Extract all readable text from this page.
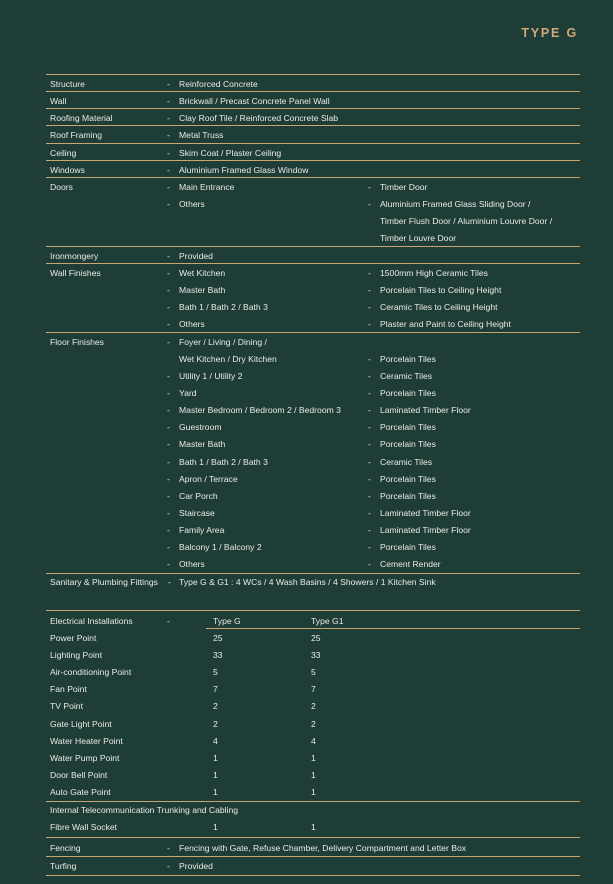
TYPE G
Structure	- Reinforced Concrete
Wall	- Brickwall / Precast Concrete Panel Wall
Roofing Material	- Clay Roof Tile / Reinforced Concrete Slab
Roof Framing	- Metal Truss
Ceiling	- Skim Coat / Plaster Ceiling
Windows	- Aluminium Framed Glass Window
Doors	- Main Entrance	- Timber Door
- Others	- Aluminium Framed Glass Sliding Door /
Timber Flush Door / Aluminium Louvre Door /
Timber Louvre Door
Ironmongery	- Provided
Wall Finishes	- Wet Kitchen	- 1500mm High Ceramic Tiles
- Master Bath	- Porcelain Tiles to Ceiling Height
- Bath 1 / Bath 2 / Bath 3	- Ceramic Tiles to Ceiling Height
- Others	- Plaster and Paint to Ceiling Height
Floor Finishes	- Foyer / Living / Dining /
Wet Kitchen / Dry Kitchen	- Porcelain Tiles
- Utility 1 / Utility 2	- Ceramic Tiles
- Yard	- Porcelain Tiles
- Master Bedroom / Bedroom 2 / Bedroom 3	- Laminated Timber Floor
- Guestroom	- Porcelain Tiles
- Master Bath	- Porcelain Tiles
- Bath 1 / Bath 2 / Bath 3	- Ceramic Tiles
- Apron / Terrace	- Porcelain Tiles
- Car Porch	- Porcelain Tiles
- Staircase	- Laminated Timber Floor
- Family Area	- Laminated Timber Floor
- Balcony 1 / Balcony 2	- Porcelain Tiles
- Others	- Cement Render
Sanitary & Plumbing Fittings - Type G & G1 : 4 WCs / 4 Wash Basins / 4 Showers / 1 Kitchen Sink
Electrical Installations	-	Type G	Type G1
Power Point	25	25
Lighting Point	33	33
Air-conditioning Point	5	5
Fan Point	7	7
TV Point	2	2
Gate Light Point	2	2
Water Heater Point	4	4
Water Pump Point	1	1
Door Bell Point	1	1
Auto Gate Point	1	1
Internal Telecommunication Trunking and Cabling
Fibre Wall Socket	1	1
Fencing	- Fencing with Gate, Refuse Chamber, Delivery Compartment and Letter Box
Turfing	- Provided
